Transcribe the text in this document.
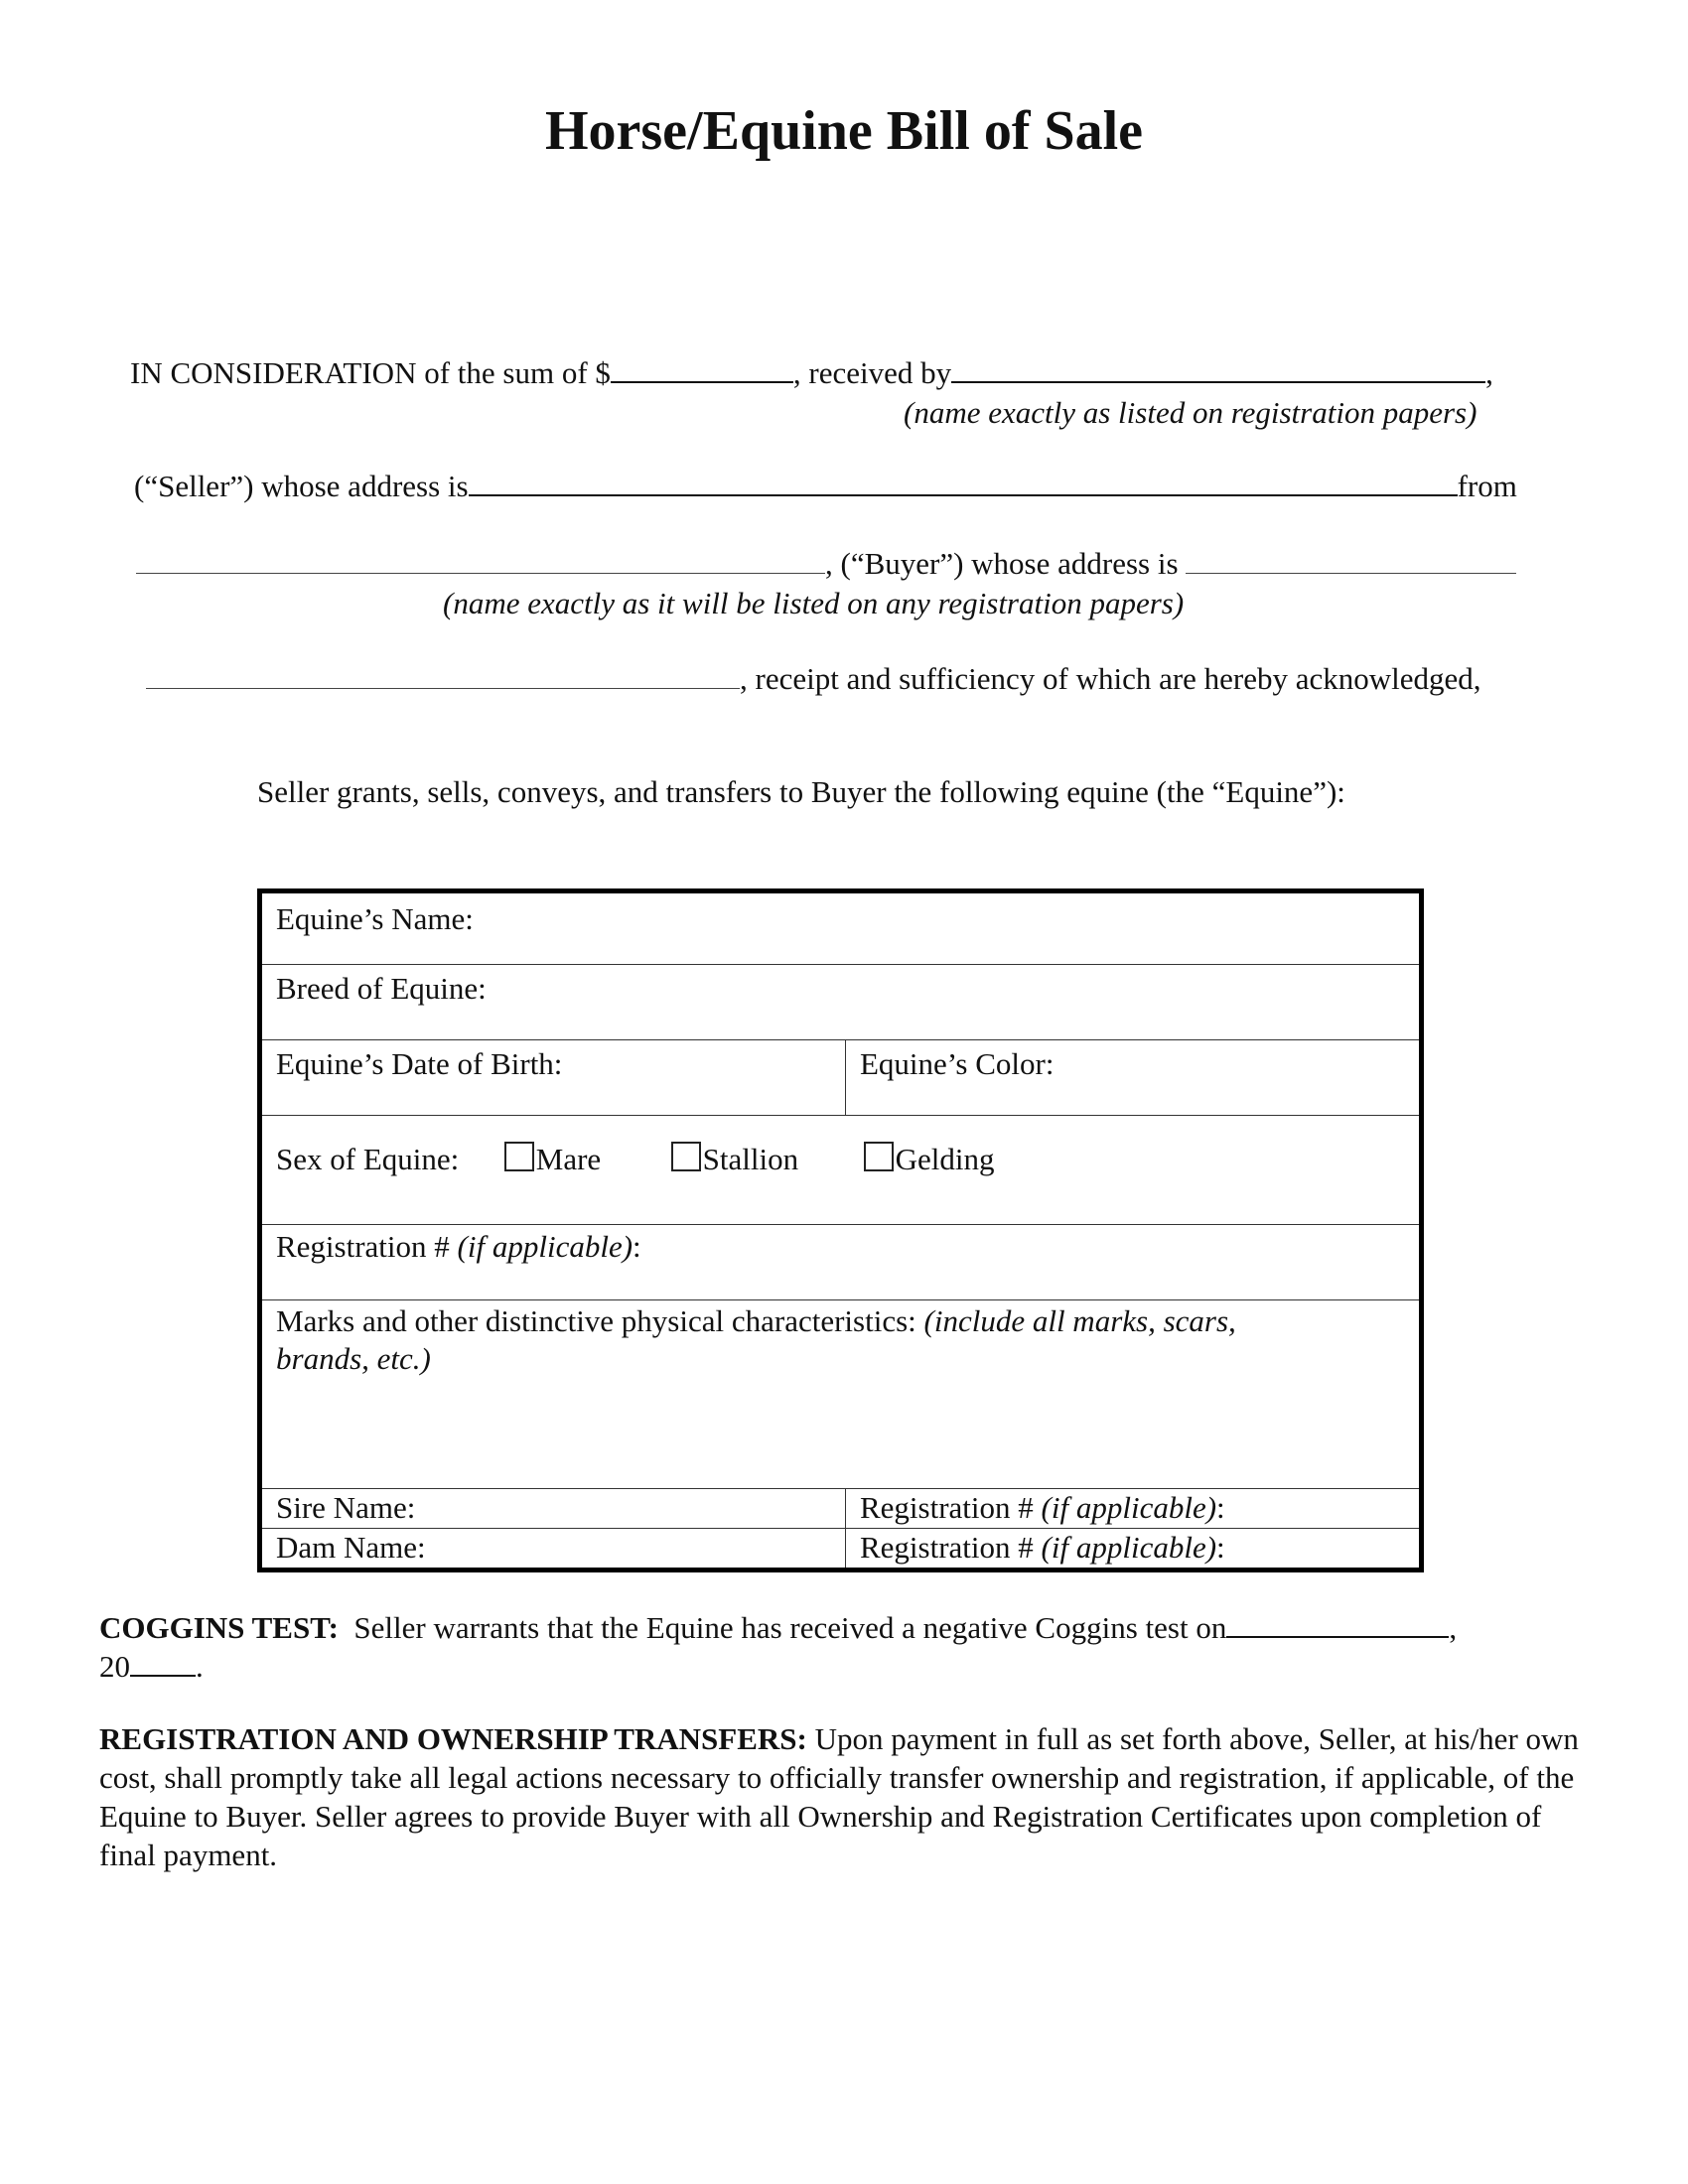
Horse/Equine Bill of Sale
IN CONSIDERATION of the sum of $	, received by	,
(name exactly as listed on registration papers)
(“Seller”) whose address is	from
, (“Buyer”) whose address is
(name exactly as it will be listed on any registration papers)
, receipt and sufficiency of which are hereby acknowledged,
Seller grants, sells, conveys, and transfers to Buyer the following equine (the “Equine”):
Equine’s Name:
Breed of Equine:
Equine’s Date of Birth:	Equine’s Color:
Sex of Equine:	Mare	Stallion	Gelding
Registration # (if applicable):
Marks and other distinctive physical characteristics: (include all marks, scars,
brands, etc.)
Sire Name:	Registration # (if applicable):
Dam Name:	Registration # (if applicable):
COGGINS TEST: Seller warrants that the Equine has received a negative Coggins test on	,
20 .
REGISTRATION AND OWNERSHIP TRANSFERS: Upon payment in full as set forth above, Seller, at his/her own cost, shall promptly take all legal actions necessary to officially transfer ownership and registration, if applicable, of the Equine to Buyer. Seller agrees to provide Buyer with all Ownership and Registration Certificates upon completion of final payment.
